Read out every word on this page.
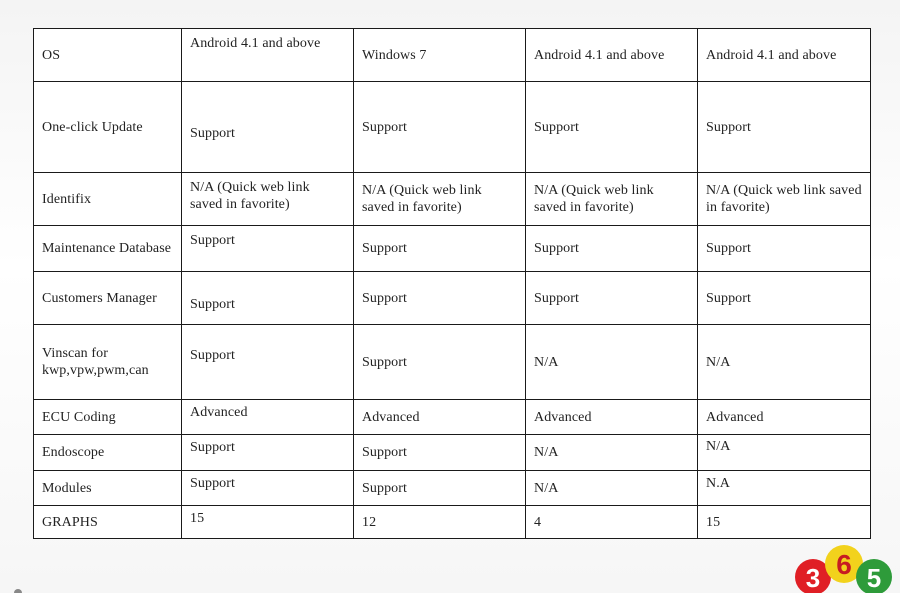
OS	Android 4.1 and above	Windows 7	Android 4.1 and above	Android 4.1 and above
One-click Update	Support	Support	Support	Support
Identifix	N/A (Quick web link saved in favorite)	N/A (Quick web link saved in favorite)	N/A (Quick web link saved in favorite)	N/A (Quick web link saved in favorite)
Maintenance Database	Support	Support	Support	Support
Customers Manager	Support	Support	Support	Support
Vinscan for kwp,vpw,pwm,can	Support	Support	N/A	N/A
ECU Coding	Advanced	Advanced	Advanced	Advanced
Endoscope	Support	Support	N/A	N/A
Modules	Support	Support	N/A	N.A
GRAPHS	15	12	4	15
3 6 5
